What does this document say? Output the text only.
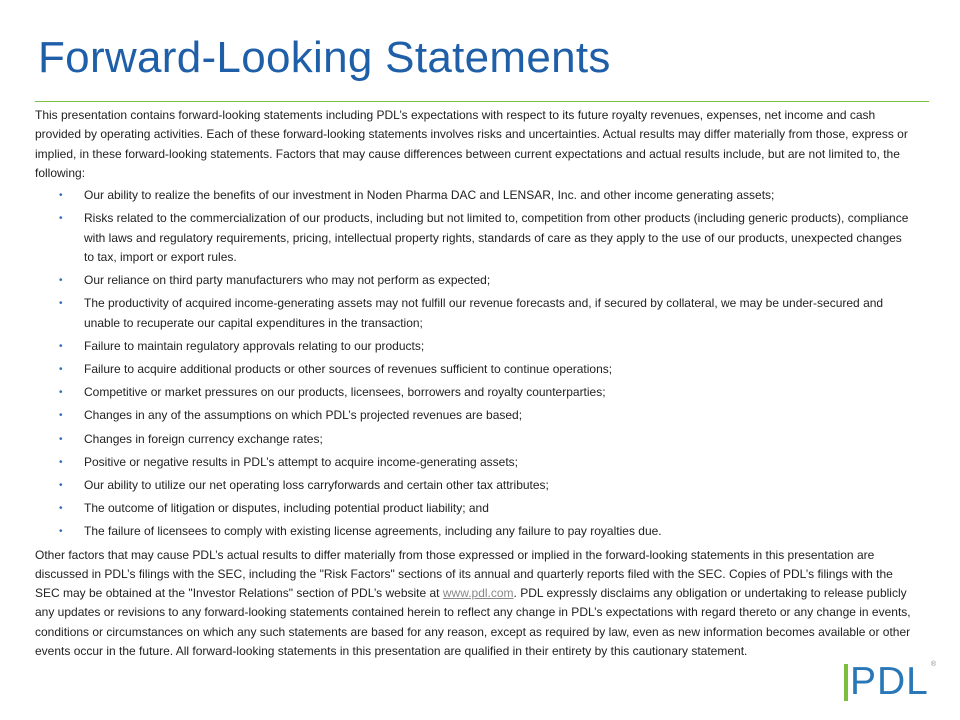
Forward-Looking Statements

This presentation contains forward-looking statements including PDL’s expectations with respect to its future royalty revenues, expenses, net income and cash provided by operating activities. Each of these forward-looking statements involves risks and uncertainties. Actual results may differ materially from those, express or implied, in these forward-looking statements. Factors that may cause differences between current expectations and actual results include, but are not limited to, the following:

• Our ability to realize the benefits of our investment in Noden Pharma DAC and LENSAR, Inc. and other income generating assets;
• Risks related to the commercialization of our products, including but not limited to, competition from other products (including generic products), compliance with laws and regulatory requirements, pricing, intellectual property rights, standards of care as they apply to the use of our products, unexpected changes to tax, import or export rules.
• Our reliance on third party manufacturers who may not perform as expected;
• The productivity of acquired income-generating assets may not fulfill our revenue forecasts and, if secured by collateral, we may be under-secured and unable to recuperate our capital expenditures in the transaction;
• Failure to maintain regulatory approvals relating to our products;
• Failure to acquire additional products or other sources of revenues sufficient to continue operations;
• Competitive or market pressures on our products, licensees, borrowers and royalty counterparties;
• Changes in any of the assumptions on which PDL’s projected revenues are based;
• Changes in foreign currency exchange rates;
• Positive or negative results in PDL’s attempt to acquire income-generating assets;
• Our ability to utilize our net operating loss carryforwards and certain other tax attributes;
• The outcome of litigation or disputes, including potential product liability; and
• The failure of licensees to comply with existing license agreements, including any failure to pay royalties due.

Other factors that may cause PDL’s actual results to differ materially from those expressed or implied in the forward-looking statements in this presentation are discussed in PDL’s filings with the SEC, including the "Risk Factors" sections of its annual and quarterly reports filed with the SEC. Copies of PDL’s filings with the SEC may be obtained at the "Investor Relations" section of PDL’s website at www.pdl.com. PDL expressly disclaims any obligation or undertaking to release publicly any updates or revisions to any forward-looking statements contained herein to reflect any change in PDL’s expectations with regard thereto or any change in events, conditions or circumstances on which any such statements are based for any reason, except as required by law, even as new information becomes available or other events occur in the future. All forward-looking statements in this presentation are qualified in their entirety by this cautionary statement.

PDL ®
